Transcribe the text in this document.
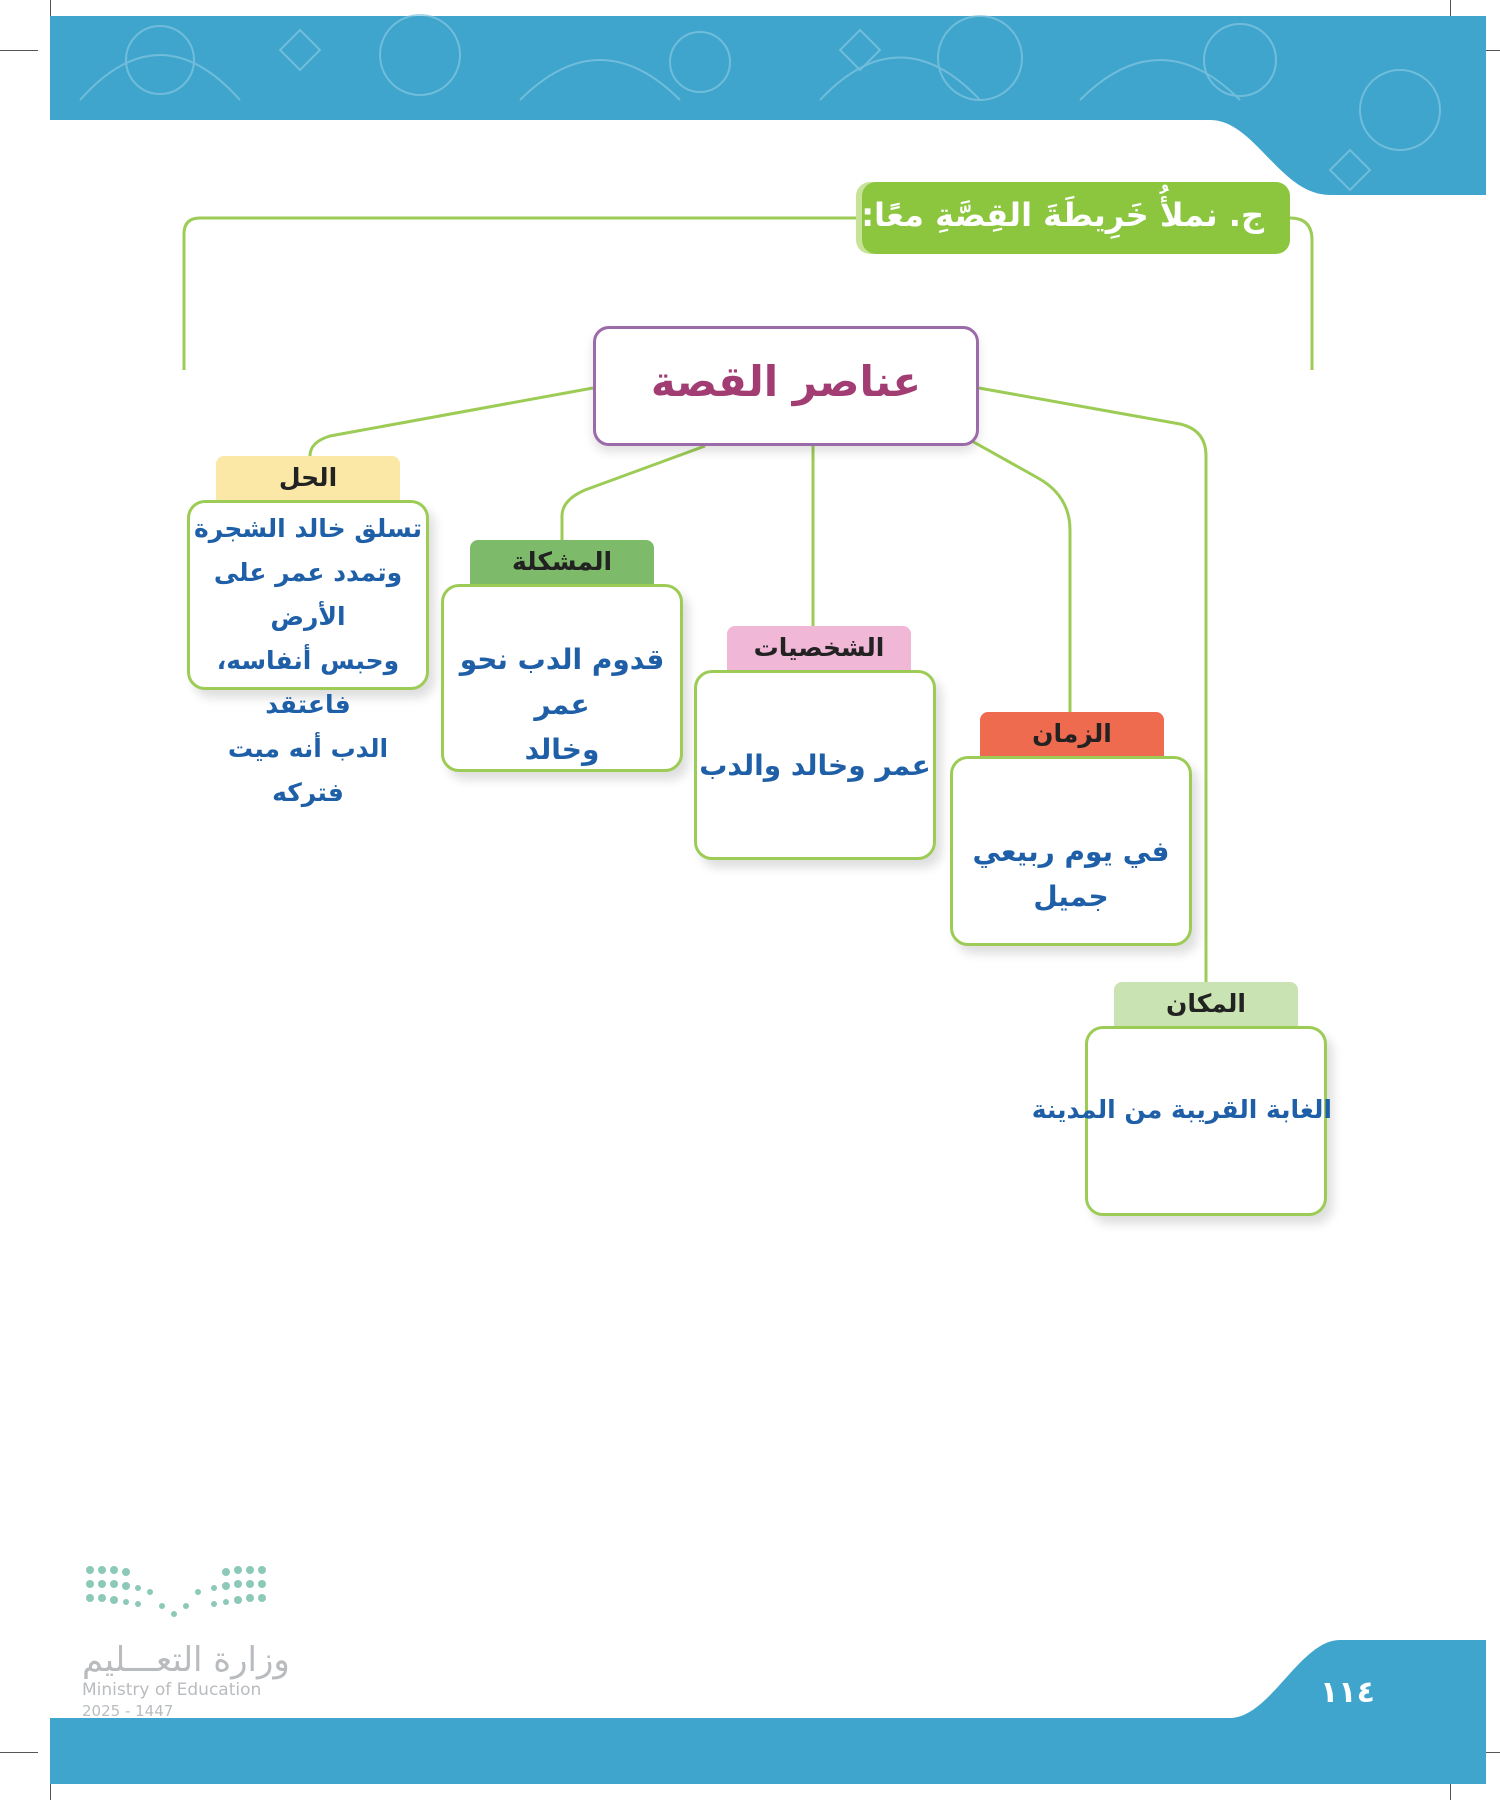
ج. نملأُ خَرِيطَةَ القِصَّةِ معًا:
عناصر القصة
الحل
تسلق خالد الشجرة
وتمدد عمر على الأرض
وحبس أنفاسه، فاعتقد
الدب أنه ميت فتركه
المشكلة
قدوم الدب نحو عمر
وخالد
الشخصيات
عمر وخالد والدب
الزمان
في يوم ربيعي جميل
المكان
الغابة القريبة من المدينة
وزارة التعـــليم
Ministry of Education
2025 - 1447
١١٤
